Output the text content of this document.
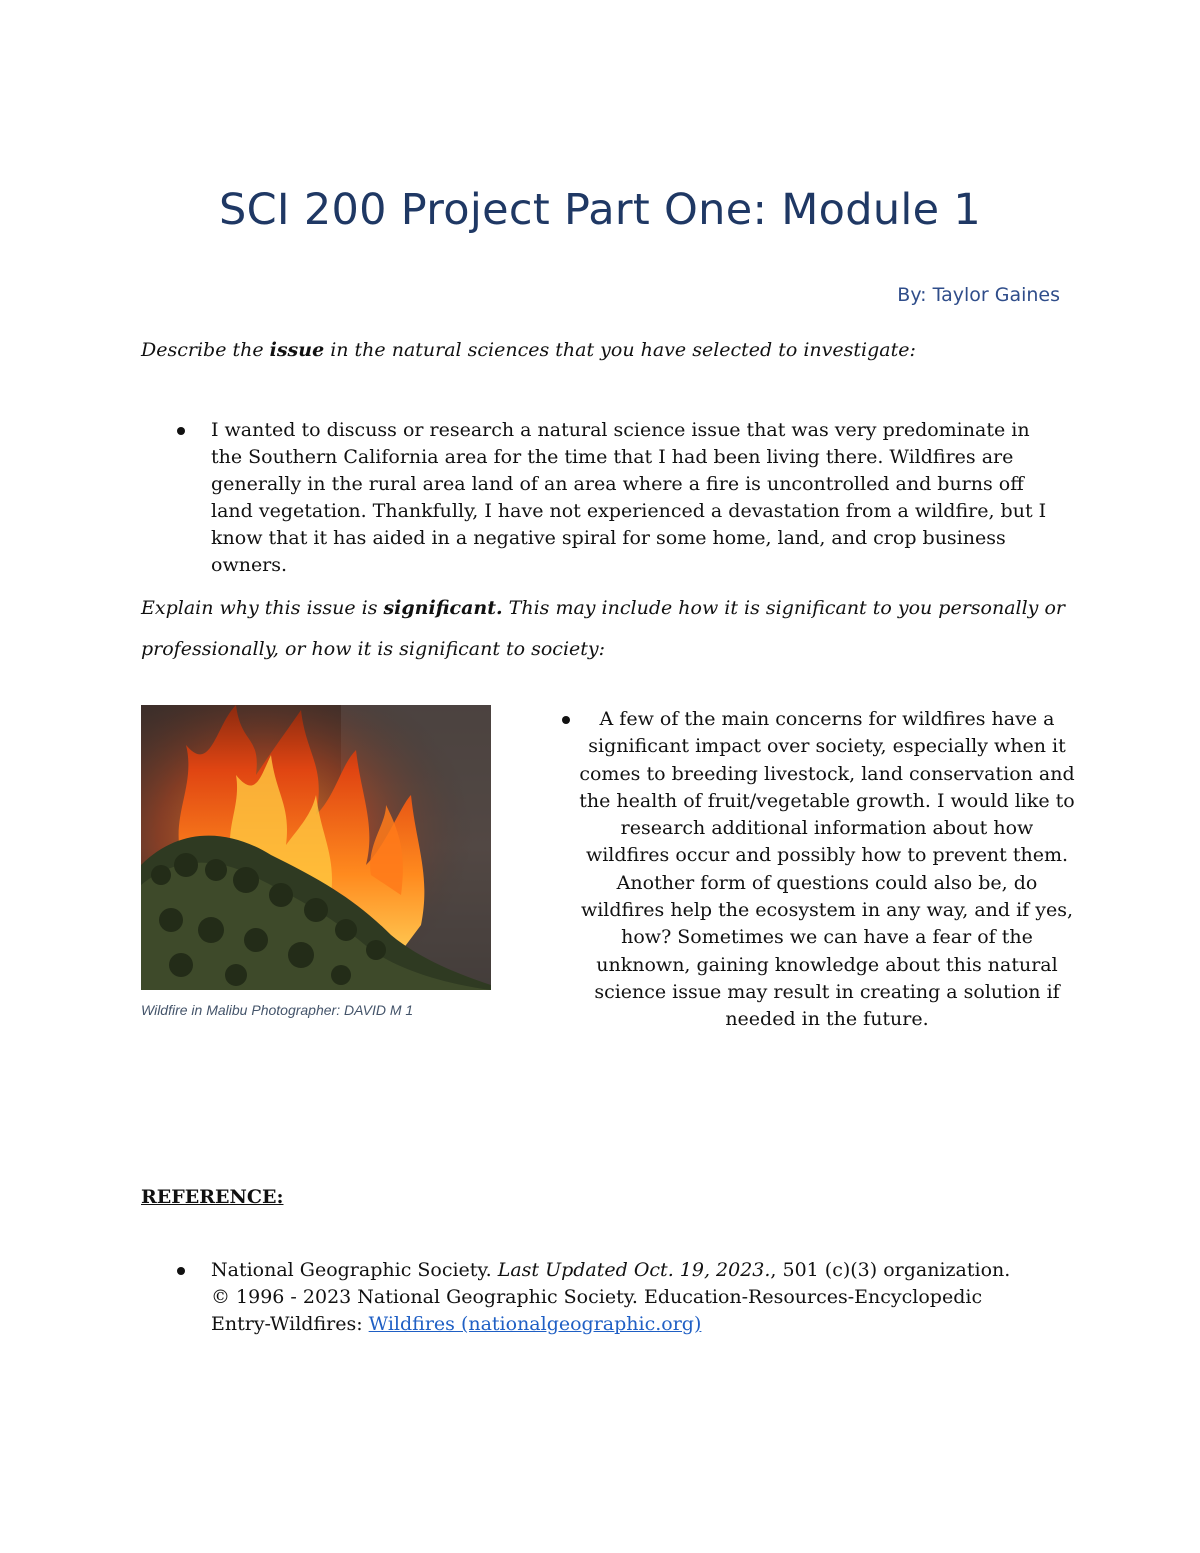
SCI 200 Project Part One: Module 1
By: Taylor Gaines
Describe the issue in the natural sciences that you have selected to investigate:
I wanted to discuss or research a natural science issue that was very predominate in the Southern California area for the time that I had been living there. Wildfires are generally in the rural area land of an area where a fire is uncontrolled and burns off land vegetation. Thankfully, I have not experienced a devastation from a wildfire, but I know that it has aided in a negative spiral for some home, land, and crop business owners.
Explain why this issue is significant. This may include how it is significant to you personally or professionally, or how it is significant to society:
Wildfire in Malibu Photographer: DAVID M 1
A few of the main concerns for wildfires have a significant impact over society, especially when it comes to breeding livestock, land conservation and the health of fruit/vegetable growth. I would like to research additional information about how wildfires occur and possibly how to prevent them. Another form of questions could also be, do wildfires help the ecosystem in any way, and if yes, how? Sometimes we can have a fear of the unknown, gaining knowledge about this natural science issue may result in creating a solution if needed in the future.
REFERENCE:
National Geographic Society. Last Updated Oct. 19, 2023., 501 (c)(3) organization. © 1996 - 2023 National Geographic Society. Education-Resources-Encyclopedic Entry-Wildfires: Wildfires (nationalgeographic.org)
